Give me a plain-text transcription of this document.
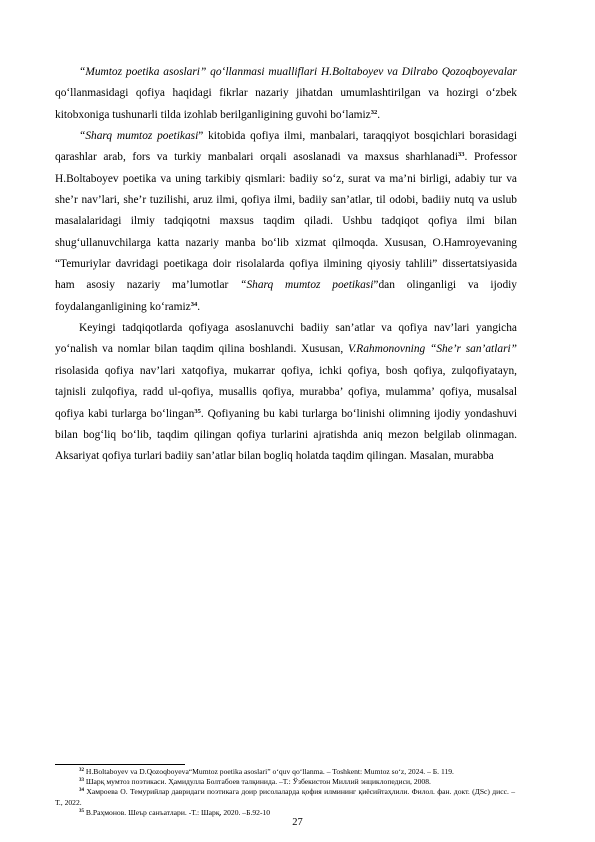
“Mumtoz poetika asoslari” qo‘llanmasi mualliflari H.Boltaboyev va Dilrabo Qozoqboyevalar qo‘llanmasidagi qofiya haqidagi fikrlar nazariy jihatdan umumlashtirilgan va hozirgi o‘zbek kitobxoniga tushunarli tilda izohlab berilganligining guvohi bo‘lamiz$^{32}$.

“Sharq mumtoz poetikasi” kitobida qofiya ilmi, manbalari, taraqqiyot bosqichlari borasidagi qarashlar arab, fors va turkiy manbalari orqali asoslanadi va maxsus sharhlanadi$^{33}$. Professor H.Boltaboyev poetika va uning tarkibiy qismlari: badiiy so‘z, surat va ma’ni birligi, adabiy tur va she’r nav’lari, she’r tuzilishi, aruz ilmi, qofiya ilmi, badiiy san’atlar, til odobi, badiiy nutq va uslub masalalaridagi ilmiy tadqiqotni maxsus taqdim qiladi. Ushbu tadqiqot qofiya ilmi bilan shug‘ullanuvchilarga katta nazariy manba bo‘lib xizmat qilmoqda. Xususan, O.Hamroyevaning “Temuriylar davridagi poetikaga doir risolalarda qofiya ilmining qiyosiy tahlili” dissertatsiyasida ham asosiy nazariy ma’lumotlar “Sharq mumtoz poetikasi”dan olinganligi va ijodiy foydalanganligining ko‘ramiz$^{34}$.

Keyingi tadqiqotlarda qofiyaga asoslanuvchi badiiy san’atlar va qofiya nav’lari yangicha yo‘nalish va nomlar bilan taqdim qilina boshlandi. Xususan, V.Rahmonovning “She’r san’atlari” risolasida qofiya nav’lari xatqofiya, mukarrar qofiya, ichki qofiya, bosh qofiya, zulqofiyatayn, tajnisli zulqofiya, radd ul-qofiya, musallis qofiya, murabba’ qofiya, mulamma’ qofiya, musalsal qofiya kabi turlarga bo‘lingan$^{35}$. Qofiyaning bu kabi turlarga bo‘linishi olimning ijodiy yondashuvi bilan bog‘liq bo‘lib, taqdim qilingan qofiya turlarini ajratishda aniq mezon belgilab olinmagan. Aksariyat qofiya turlari badiiy san’atlar bilan bogliq holatda taqdim qilingan. Masalan, murabba

$^{32}$ H.Boltaboyev va D.Qozoqboyeva“Mumtoz poetika asoslari” o‘quv qo‘llanma. – Toshkent: Mumtoz so‘z, 2024. – Б. 119.

$^{33}$ Шарқ мумтоз поэтикаси. Ҳамидулла Болтабоев талқинида. –Т.: Ўзбекистон Миллий энциклопедиси, 2008.

$^{34}$ Хамроева О. Темурийлар давридаги поэтикага доир рисолаларда қофия илмининг қиёсийтаҳлили. Филол. фан. докт. (ДSc) дисс. – Т., 2022.

$^{35}$ В.Раҳмонов. Шеър санъатлари. -Т.: Шарқ, 2020. –Б.92-10

27
